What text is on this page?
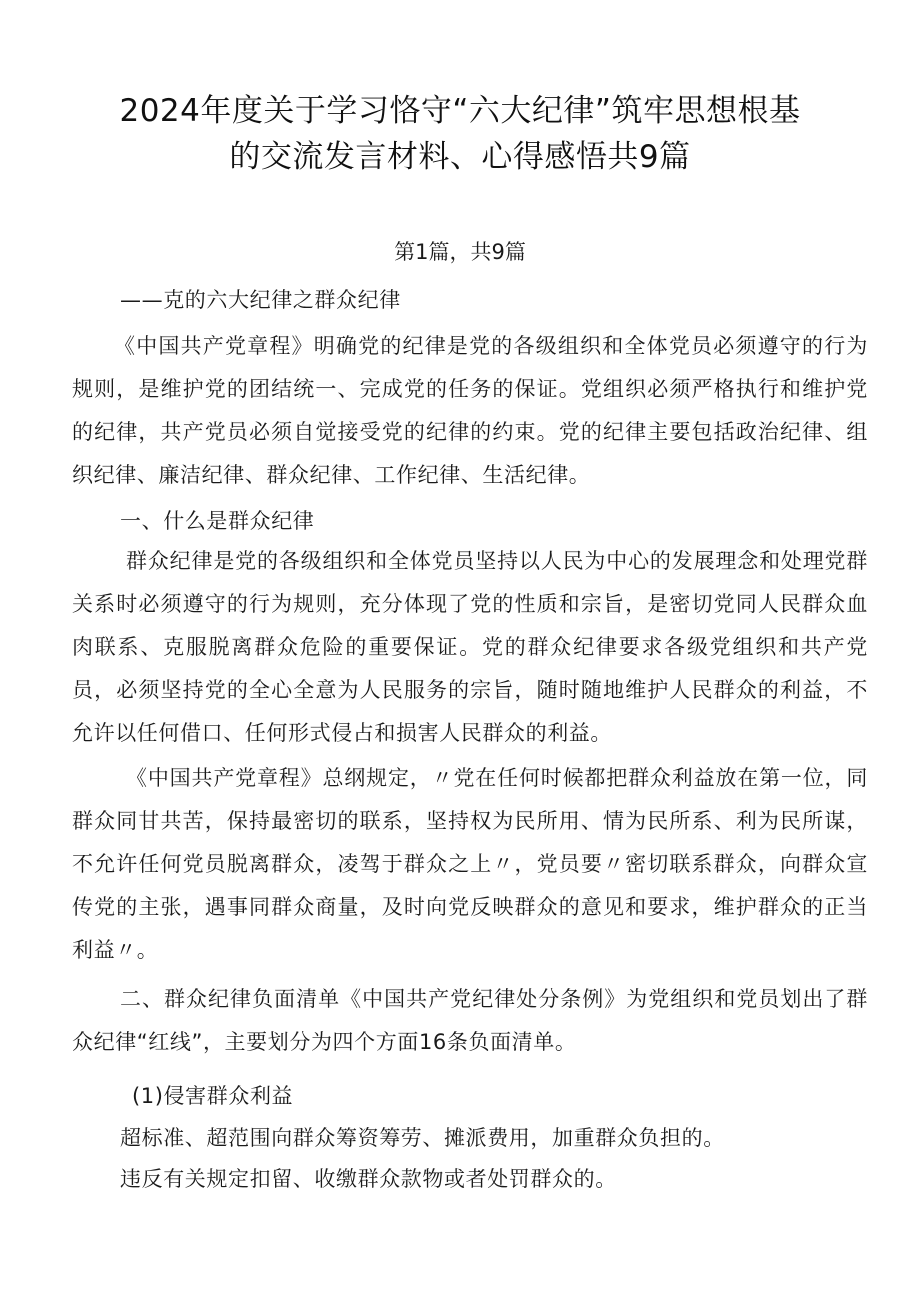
2024年度关于学习恪守“六大纪律”筑牢思想根基
的交流发言材料、心得感悟共9篇
第1篇，共9篇
——克的六大纪律之群众纪律
《中国共产党章程》明确党的纪律是党的各级组织和全体党员必须遵守的行为规则，是维护党的团结统一、完成党的任务的保证。党组织必须严格执行和维护党的纪律，共产党员必须自觉接受党的纪律的约束。党的纪律主要包括政治纪律、组织纪律、廉洁纪律、群众纪律、工作纪律、生活纪律。
一、什么是群众纪律
群众纪律是党的各级组织和全体党员坚持以人民为中心的发展理念和处理党群关系时必须遵守的行为规则，充分体现了党的性质和宗旨，是密切党同人民群众血肉联系、克服脱离群众危险的重要保证。党的群众纪律要求各级党组织和共产党员，必须坚持党的全心全意为人民服务的宗旨，随时随地维护人民群众的利益，不允许以任何借口、任何形式侵占和损害人民群众的利益。
《中国共产党章程》总纲规定，〃党在任何时候都把群众利益放在第一位，同群众同甘共苦，保持最密切的联系，坚持权为民所用、情为民所系、利为民所谋，不允许任何党员脱离群众，凌驾于群众之上〃，党员要〃密切联系群众，向群众宣传党的主张，遇事同群众商量，及时向党反映群众的意见和要求，维护群众的正当利益〃。
二、群众纪律负面清单《中国共产党纪律处分条例》为党组织和党员划出了群众纪律“红线”，主要划分为四个方面16条负面清单。
(1)侵害群众利益
超标准、超范围向群众筹资筹劳、摊派费用，加重群众负担的。
违反有关规定扣留、收缴群众款物或者处罚群众的。
